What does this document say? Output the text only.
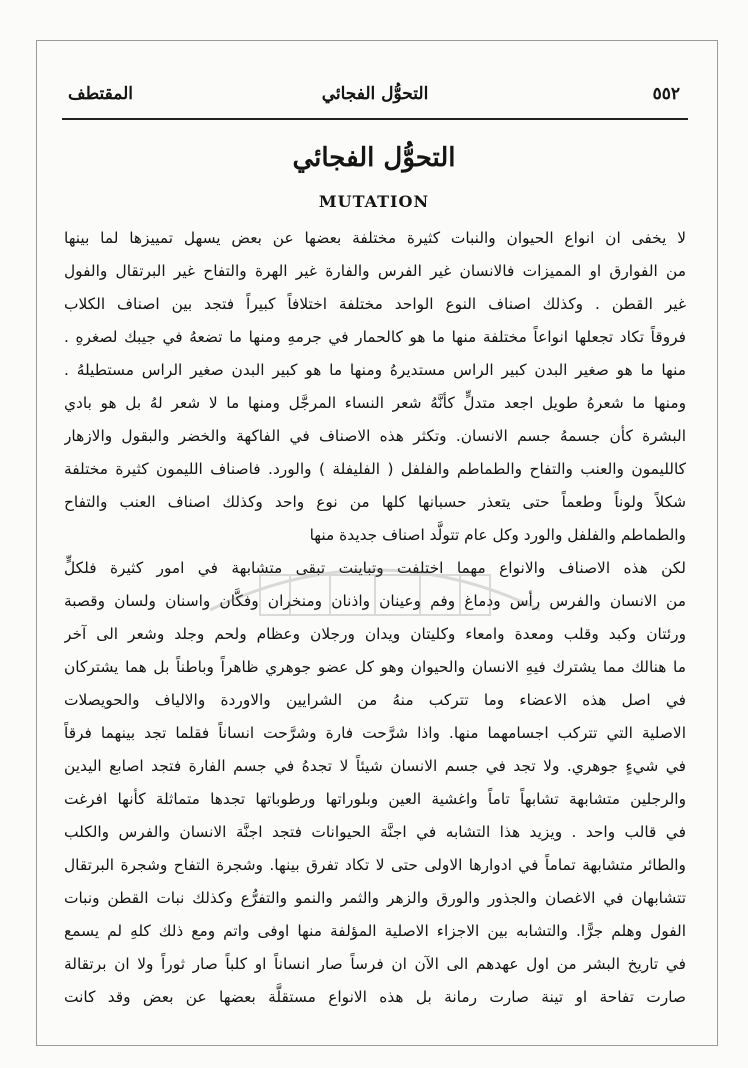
٥٥٢
التحوُّل الفجائي
المقتطف
التحوُّل الفجائي
MUTATION
لا يخفى ان انواع الحيوان والنبات كثيرة مختلفة بعضها عن بعض يسهل تمييزها لما بينها
من الفوارق او المميزات فالانسان غير الفرس والفارة غير الهرة والتفاح غير البرتقال والفول
غير القطن . وكذلك اصناف النوع الواحد مختلفة اختلافاً كبيراً فتجد بين اصناف الكلاب
فروقاً تكاد تجعلها انواعاً مختلفة منها ما هو كالحمار في جرمهِ ومنها ما تضعهُ في جيبك لصغرهِ .
منها ما هو صغير البدن كبير الراس مستديرهُ ومنها ما هو كبير البدن صغير الراس مستطيلهُ .
ومنها ما شعرهُ طويل اجعد متدلٍّ كأنَّهُ شعر النساء المرجَّل ومنها ما لا شعر لهُ بل هو بادي
البشرة كأن جسمهُ جسم الانسان. وتكثر هذه الاصناف في الفاكهة والخضر والبقول والازهار
كالليمون والعنب والتفاح والطماطم والفلفل ( الفليفلة ) والورد. فاصناف الليمون كثيرة مختلفة
شكلاً ولوناً وطعماً حتى يتعذر حسبانها كلها من نوع واحد وكذلك اصناف العنب والتفاح
والطماطم والفلفل والورد وكل عام تتولَّد اصناف جديدة منها
لكن هذه الاصناف والانواع مهما اختلفت وتباينت تبقى متشابهة في امور كثيرة فلكلٍّ
من الانسان والفرس رأس ودماغ وفم وعينان واذنان ومنخران وفكَّان واسنان ولسان وقصبة
ورئتان وكبد وقلب ومعدة وامعاء وكليتان ويدان ورجلان وعظام ولحم وجلد وشعر الى آخر
ما هنالك مما يشترك فيهِ الانسان والحيوان وهو كل عضو جوهري ظاهراً وباطناً بل هما يشتركان
في اصل هذه الاعضاء وما تتركب منهُ من الشرايين والاوردة والالياف والحويصلات
الاصلية التي تتركب اجسامهما منها. واذا شرَّحت فارة وشرَّحت انساناً فقلما تجد بينهما فرقاً
في شيءٍ جوهري. ولا تجد في جسم الانسان شيئاً لا تجدهُ في جسم الفارة فتجد اصابع اليدين
والرجلين متشابهة تشابهاً تاماً واغشية العين وبلوراتها ورطوباتها تجدها متماثلة كأنها افرغت
في قالب واحد . ويزيد هذا التشابه في اجنَّة الحيوانات فتجد اجنَّة الانسان والفرس والكلب
والطائر متشابهة تماماً في ادوارها الاولى حتى لا تكاد تفرق بينها. وشجرة التفاح وشجرة البرتقال
تتشابهان في الاغصان والجذور والورق والزهر والثمر والنمو والتفرُّع وكذلك نبات القطن ونبات
الفول وهلم جرًّا. والتشابه بين الاجزاء الاصلية المؤلفة منها اوفى واتم ومع ذلك كلهِ لم يسمع
في تاريخ البشر من اول عهدهم الى الآن ان فرساً صار انساناً او كلباً صار ثوراً ولا ان برتقالة
صارت تفاحة او تينة صارت رمانة بل هذه الانواع مستقلَّة بعضها عن بعض وقد كانت
